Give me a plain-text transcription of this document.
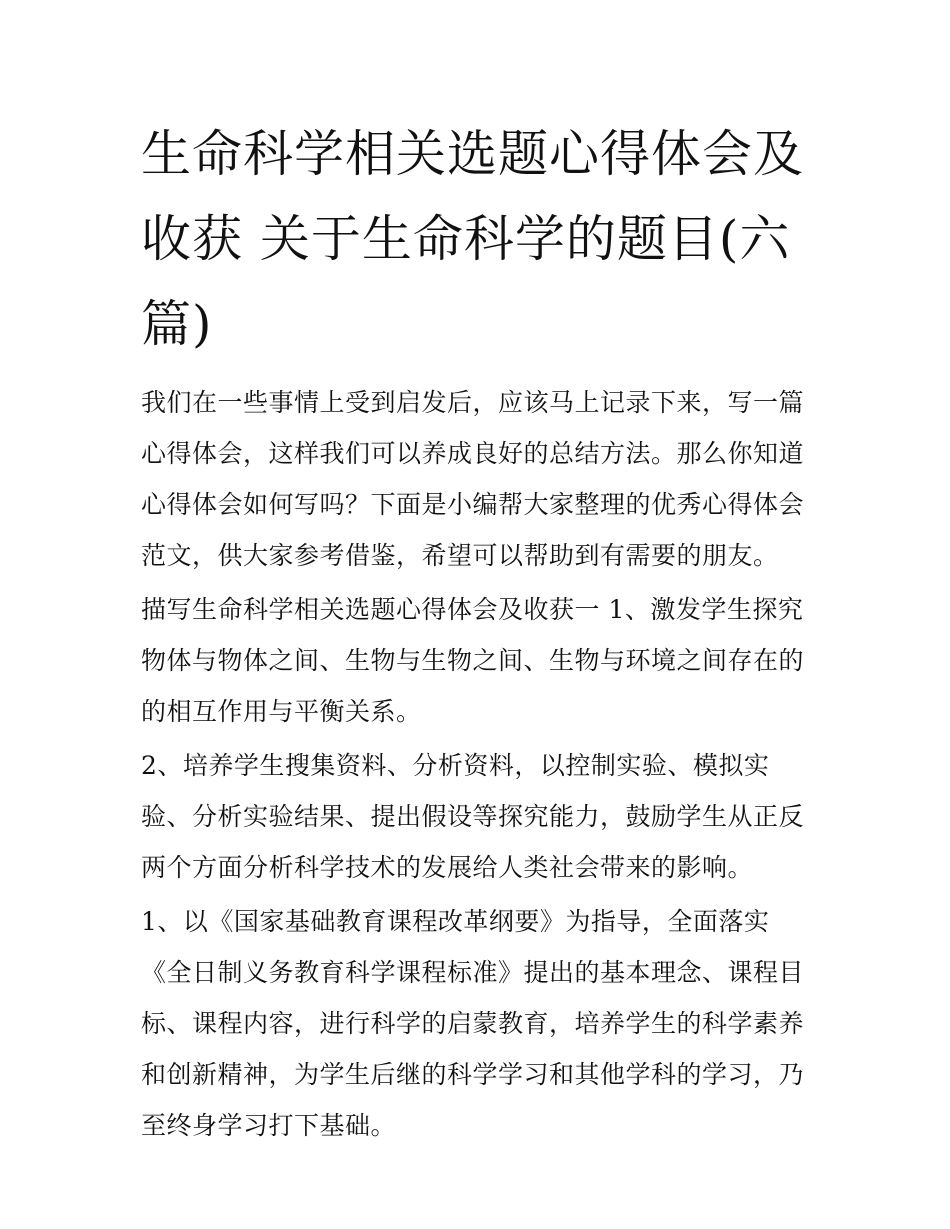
生命科学相关选题心得体会及收获 关于生命科学的题目(六篇)

我们在一些事情上受到启发后，应该马上记录下来，写一篇心得体会，这样我们可以养成良好的总结方法。那么你知道心得体会如何写吗？下面是小编帮大家整理的优秀心得体会范文，供大家参考借鉴，希望可以帮助到有需要的朋友。

描写生命科学相关选题心得体会及收获一 1、激发学生探究物体与物体之间、生物与生物之间、生物与环境之间存在的的相互作用与平衡关系。

2、培养学生搜集资料、分析资料，以控制实验、模拟实验、分析实验结果、提出假设等探究能力，鼓励学生从正反两个方面分析科学技术的发展给人类社会带来的影响。

1、以《国家基础教育课程改革纲要》为指导，全面落实《全日制义务教育科学课程标准》提出的基本理念、课程目标、课程内容，进行科学的启蒙教育，培养学生的科学素养和创新精神，为学生后继的科学学习和其他学科的学习，乃至终身学习打下基础。
